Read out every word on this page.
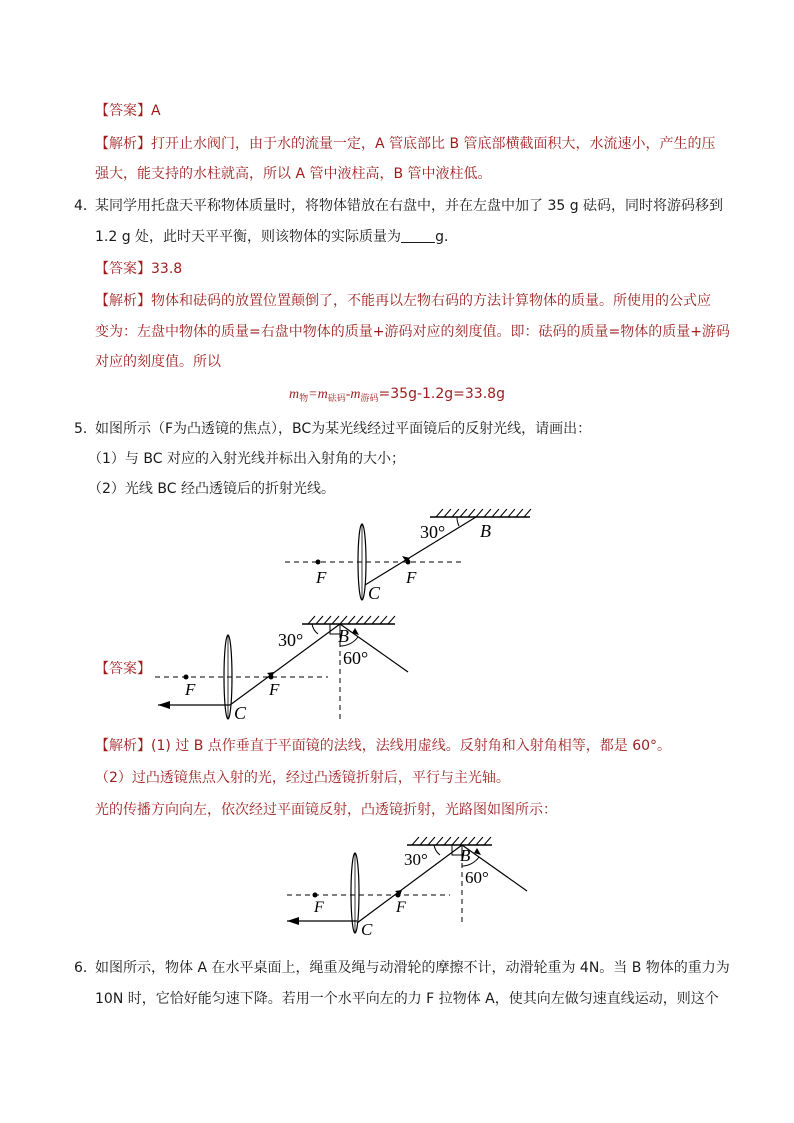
【答案】A
【解析】打开止水阀门，由于水的流量一定，A 管底部比 B 管底部横截面积大，水流速小，产生的压
强大，能支持的水柱就高，所以 A 管中液柱高，B 管中液柱低。
4．
某同学用托盘天平称物体质量时，将物体错放在右盘中，并在左盘中加了 35 g 砝码，同时将游码移到
1.2 g 处，此时天平平衡，则该物体的实际质量为 g．
【答案】33.8
【解析】物体和砝码的放置位置颠倒了，不能再以左物右码的方法计算物体的质量。所使用的公式应
变为：左盘中物体的质量=右盘中物体的质量+游码对应的刻度值。即：砝码的质量=物体的质量+游码
对应的刻度值。所以
$m_物=m_{砝码}-m_{游码}=35g-1.2g=33.8g$
5．
如图所示（F为凸透镜的焦点），BC为某光线经过平面镜后的反射光线，请画出：
（1）与 BC 对应的入射光线并标出入射角的大小；
（2）光线 BC 经凸透镜后的折射光线。
30° B
F	F
C
【答案】
30° B
60°
F	F
C
【解析】(1) 过 B 点作垂直于平面镜的法线，法线用虚线。反射角和入射角相等，都是 60°。
（2）过凸透镜焦点入射的光，经过凸透镜折射后，平行与主光轴。
光的传播方向向左，依次经过平面镜反射，凸透镜折射，光路图如图所示：
30° B
60°
F	F
C
6．
如图所示，物体 A 在水平桌面上，绳重及绳与动滑轮的摩擦不计，动滑轮重为 4N。当 B 物体的重力为
10N 时，它恰好能匀速下降。若用一个水平向左的力 F 拉物体 A，使其向左做匀速直线运动，则这个
